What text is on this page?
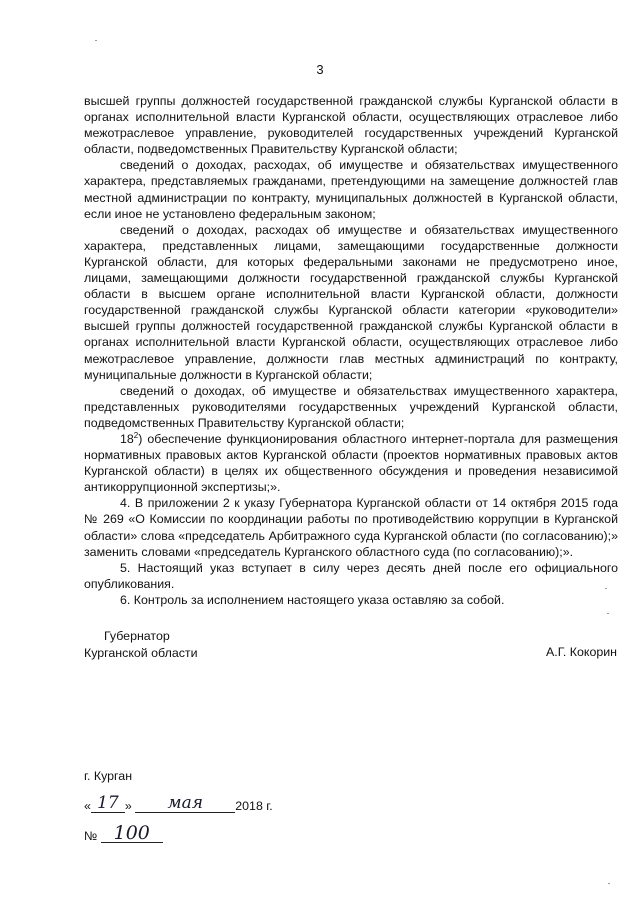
3

высшей группы должностей государственной гражданской службы Курганской области в органах исполнительной власти Курганской области, осуществляющих отраслевое либо межотраслевое управление, руководителей государственных учреждений Курганской области, подведомственных Правительству Курганской области;

сведений о доходах, расходах, об имуществе и обязательствах имущественного характера, представляемых гражданами, претендующими на замещение должностей глав местной администрации по контракту, муниципальных должностей в Курганской области, если иное не установлено федеральным законом;

сведений о доходах, расходах об имуществе и обязательствах имущественного характера, представленных лицами, замещающими государственные должности Курганской области, для которых федеральными законами не предусмотрено иное, лицами, замещающими должности государственной гражданской службы Курганской области в высшем органе исполнительной власти Курганской области, должности государственной гражданской службы Курганской области категории «руководители» высшей группы должностей государственной гражданской службы Курганской области в органах исполнительной власти Курганской области, осуществляющих отраслевое либо межотраслевое управление, должности глав местных администраций по контракту, муниципальные должности в Курганской области;

сведений о доходах, об имуществе и обязательствах имущественного характера, представленных руководителями государственных учреждений Курганской области, подведомственных Правительству Курганской области;

$18^2$) обеспечение функционирования областного интернет-портала для размещения нормативных правовых актов Курганской области (проектов нормативных правовых актов Курганской области) в целях их общественного обсуждения и проведения независимой антикоррупционной экспертизы;».

4. В приложении 2 к указу Губернатора Курганской области от 14 октября 2015 года № 269 «О Комиссии по координации работы по противодействию коррупции в Курганской области» слова «председатель Арбитражного суда Курганской области (по согласованию);» заменить словами «председатель Курганского областного суда (по согласованию);».

5. Настоящий указ вступает в силу через десять дней после его официального опубликования.

6. Контроль за исполнением настоящего указа оставляю за собой.

Губернатор
Курганской области	А.Г. Кокорин
г. Курган
« 17 » мая	2018 г.
№ 100
